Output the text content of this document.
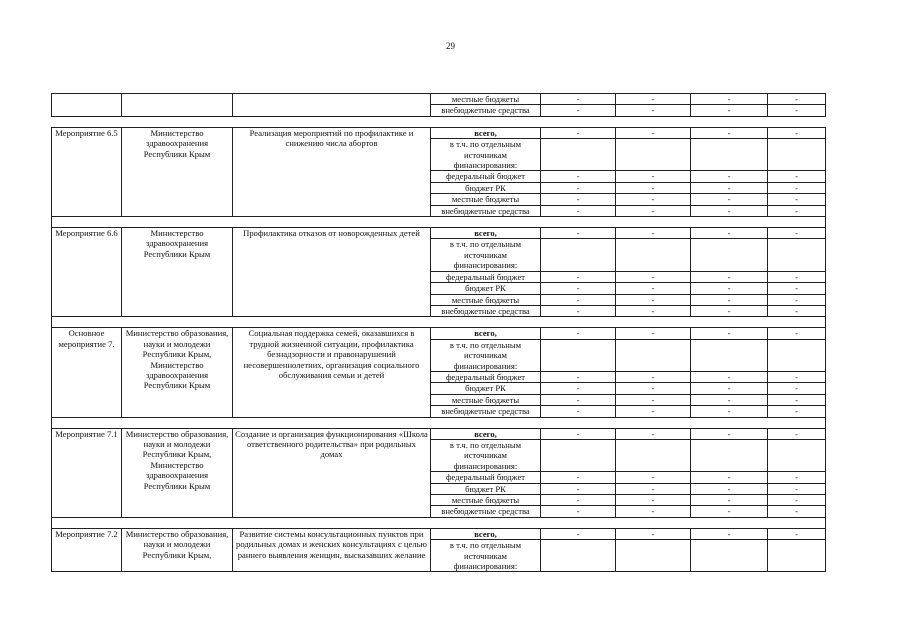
29
			местные бюджеты	-	-	-	-
			внебюджетные средства	-	-	-	-

Мероприятие 6.5	Министерство здравоохранения Республики Крым	Реализация мероприятий по профилактике и снижению числа абортов	всего,	-	-	-	-
			в т.ч. по отдельным источникам финансирования:				
			федеральный бюджет	-	-	-	-
			бюджет РК	-	-	-	-
			местные бюджеты	-	-	-	-
			внебюджетные средства	-	-	-	-

Мероприятие 6.6	Министерство здравоохранения Республики Крым	Профилактика отказов от новорожденных детей	всего,	-	-	-	-
			в т.ч. по отдельным источникам финансирования:				
			федеральный бюджет	-	-	-	-
			бюджет РК	-	-	-	-
			местные бюджеты	-	-	-	-
			внебюджетные средства	-	-	-	-

Основное мероприятие 7.	Министерство образования, науки и молодежи Республики Крым, Министерство здравоохранения Республики Крым	Социальная поддержка семей, оказавшихся в трудной жизненной ситуации, профилактика безнадзорности и правонарушений несовершеннолетних, организация социального обслуживания семьи и детей	всего,	-	-	-	-
			в т.ч. по отдельным источникам финансирования:				
			федеральный бюджет	-	-	-	-
			бюджет РК	-	-	-	-
			местные бюджеты	-	-	-	-
			внебюджетные средства	-	-	-	-

Мероприятие 7.1	Министерство образования, науки и молодежи Республики Крым, Министерство здравоохранения Республики Крым	Создание и организация функционирования «Школа ответственного родительства» при родильных домах	всего,	-	-	-	-
			в т.ч. по отдельным источникам финансирования:				
			федеральный бюджет	-	-	-	-
			бюджет РК	-	-	-	-
			местные бюджеты	-	-	-	-
			внебюджетные средства	-	-	-	-

Мероприятие 7.2	Министерство образования, науки и молодежи Республики Крым,	Развитие системы консультационных пунктов при родильных домах и женских консультациях с целью раннего выявления женщин, высказавших желание	всего,	-	-	-	-
			в т.ч. по отдельным источникам финансирования:				
